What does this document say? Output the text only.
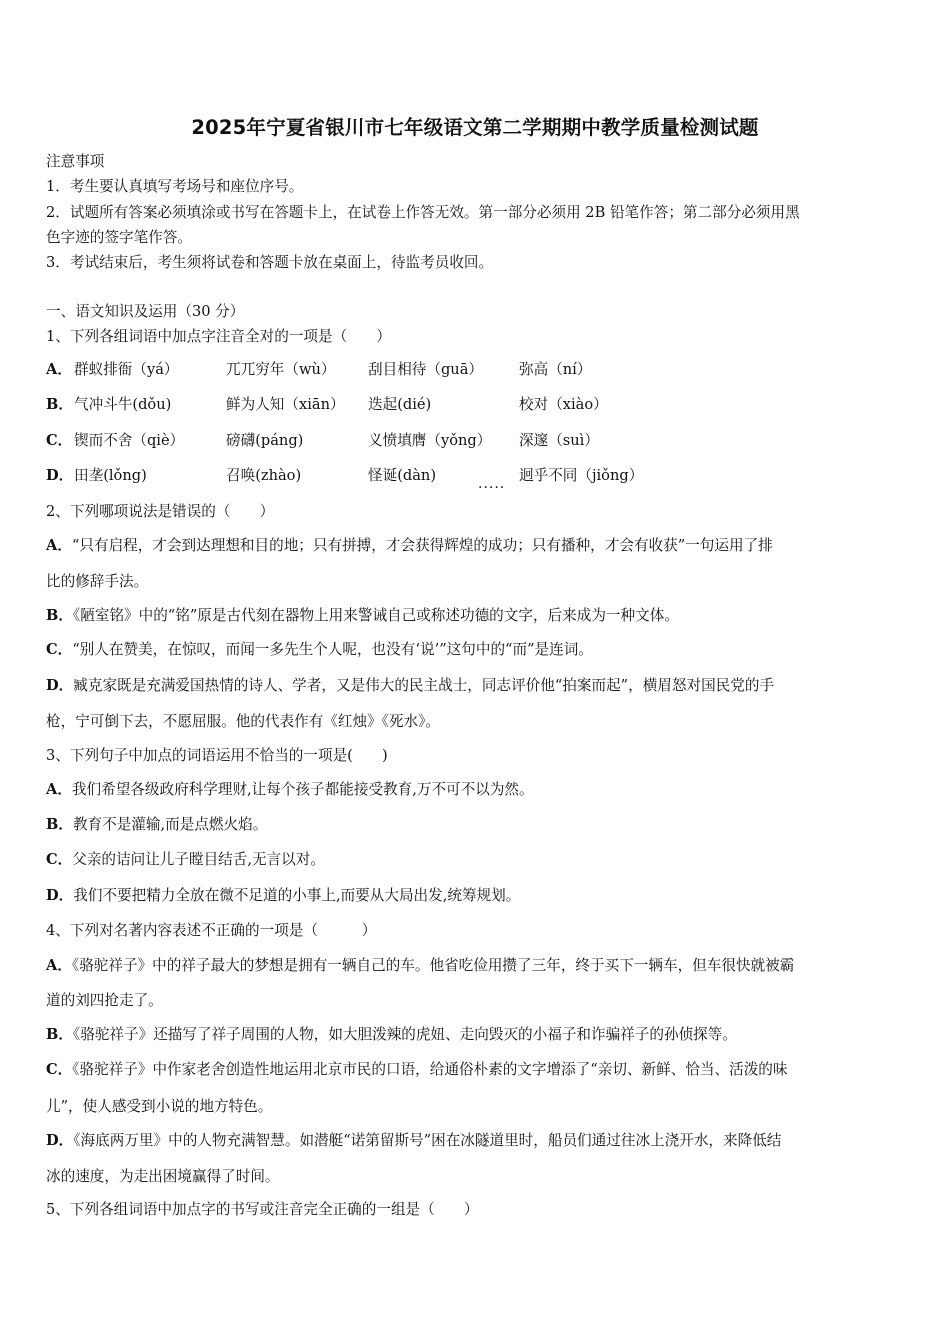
2025年宁夏省银川市七年级语文第二学期期中教学质量检测试题
注意事项
1．考生要认真填写考场号和座位序号。
2．试题所有答案必须填涂或书写在答题卡上，在试卷上作答无效。第一部分必须用 2B 铅笔作答；第二部分必须用黑
色字迹的签字笔作答。
3．考试结束后，考生须将试卷和答题卡放在桌面上，待监考员收回。
一、语文知识及运用（30 分）
1、下列各组词语中加点字注音全对的一项是（　　）
A． 群蚁排衙（yá）	兀兀穷年（wù） 刮目相待（guā） 弥高（ní）
B． 气冲斗牛(dǒu)	鲜为人知（xiān） 迭起(dié)	校对（xiào）
C． 锲而不舍（qiè）	磅礴(páng)	义愤填膺（yǒng） 深邃（suì）
D． 田垄(lǒng)	召唤(zhào)	怪诞(dàn)	迥乎不同（jiǒng）
.....
2、下列哪项说法是错误的（　　）
A．“只有启程，才会到达理想和目的地；只有拼搏，才会获得辉煌的成功；只有播种，才会有收获”一句运用了排
比的修辞手法。
B．《陋室铭》中的“铭”原是古代刻在器物上用来警诫自己或称述功德的文字，后来成为一种文体。
C．“别人在赞美，在惊叹，而闻一多先生个人呢，也没有‘说’”这句中的“而”是连词。
D．臧克家既是充满爱国热情的诗人、学者，又是伟大的民主战士，同志评价他“拍案而起”，横眉怒对国民党的手
枪，宁可倒下去，不愿屈服。他的代表作有《红烛》《死水》。
3、下列句子中加点的词语运用不恰当的一项是(　　)
A．我们希望各级政府科学理财,让每个孩子都能接受教育,万不可不以为然。
B．教育不是灌输,而是点燃火焰。
C．父亲的诘问让儿子瞠目结舌,无言以对。
D．我们不要把精力全放在微不足道的小事上,而要从大局出发,统筹规划。
4、下列对名著内容表述不正确的一项是（　　　）
A．《骆驼祥子》中的祥子最大的梦想是拥有一辆自己的车。他省吃俭用攒了三年，终于买下一辆车，但车很快就被霸
道的刘四抢走了。
B．《骆驼祥子》还描写了祥子周围的人物，如大胆泼辣的虎妞、走向毁灭的小福子和诈骗祥子的孙侦探等。
C．《骆驼祥子》中作家老舍创造性地运用北京市民的口语，给通俗朴素的文字增添了“亲切、新鲜、恰当、活泼的味
儿”，使人感受到小说的地方特色。
D．《海底两万里》中的人物充满智慧。如潜艇“诺第留斯号”困在冰隧道里时，船员们通过往冰上浇开水，来降低结
冰的速度，为走出困境赢得了时间。
5、下列各组词语中加点字的书写或注音完全正确的一组是（　　）
